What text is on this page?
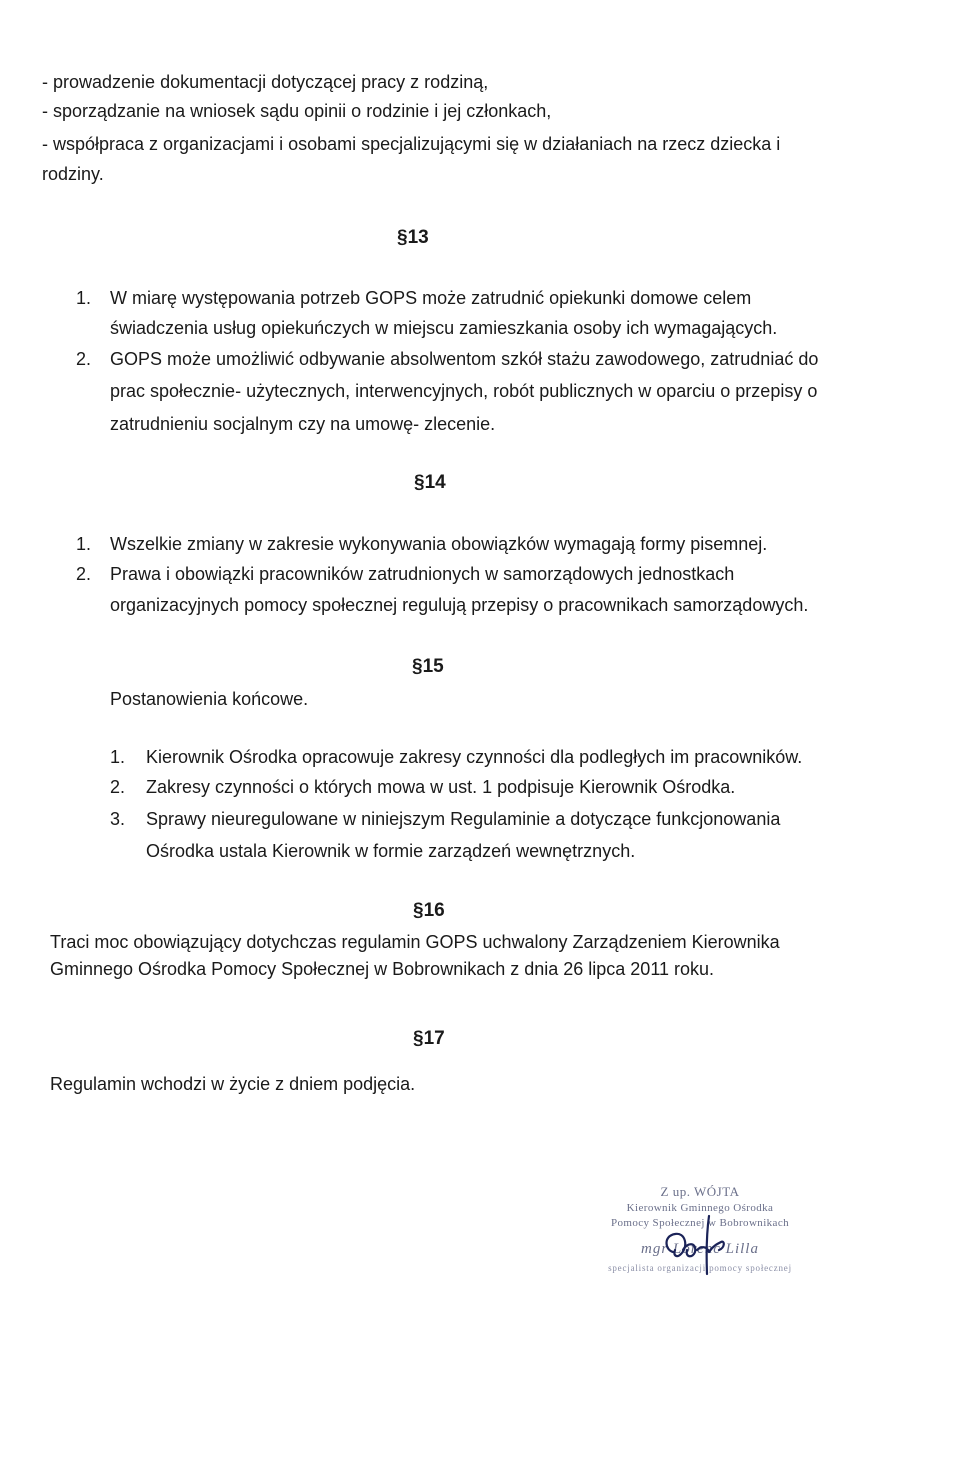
- prowadzenie dokumentacji dotyczącej pracy z rodziną,
- sporządzanie na wniosek sądu opinii o rodzinie i jej członkach,
- współpraca z organizacjami i osobami specjalizującymi się w działaniach na rzecz dziecka i
rodziny.
§13
1. W miarę występowania potrzeb GOPS może zatrudnić opiekunki domowe celem
świadczenia usług opiekuńczych w miejscu zamieszkania osoby ich wymagających.
2. GOPS może umożliwić odbywanie absolwentom szkół stażu zawodowego, zatrudniać do
prac społecznie- użytecznych, interwencyjnych, robót publicznych w oparciu o przepisy o
zatrudnieniu socjalnym czy na umowę- zlecenie.
§14
1. Wszelkie zmiany w zakresie wykonywania obowiązków wymagają formy pisemnej.
2. Prawa i obowiązki pracowników zatrudnionych w samorządowych jednostkach
organizacyjnych pomocy społecznej regulują przepisy o pracownikach samorządowych.
§15
Postanowienia końcowe.
1. Kierownik Ośrodka opracowuje zakresy czynności dla podległych im pracowników.
2. Zakresy czynności o których mowa w ust. 1 podpisuje Kierownik Ośrodka.
3. Sprawy nieuregulowane w niniejszym Regulaminie a dotyczące funkcjonowania
Ośrodka ustala Kierownik w formie zarządzeń wewnętrznych.
§16
Traci moc obowiązujący dotychczas regulamin GOPS uchwalony Zarządzeniem Kierownika
Gminnego Ośrodka Pomocy Społecznej w Bobrownikach z dnia 26 lipca 2011 roku.
§17
Regulamin wchodzi w życie z dniem podjęcia.
Z up. WÓJTA
Kierownik Gminnego Ośrodka
Pomocy Społecznej w Bobrownikach
mgr Lorenc Lilla
specjalista organizacji pomocy społecznej
